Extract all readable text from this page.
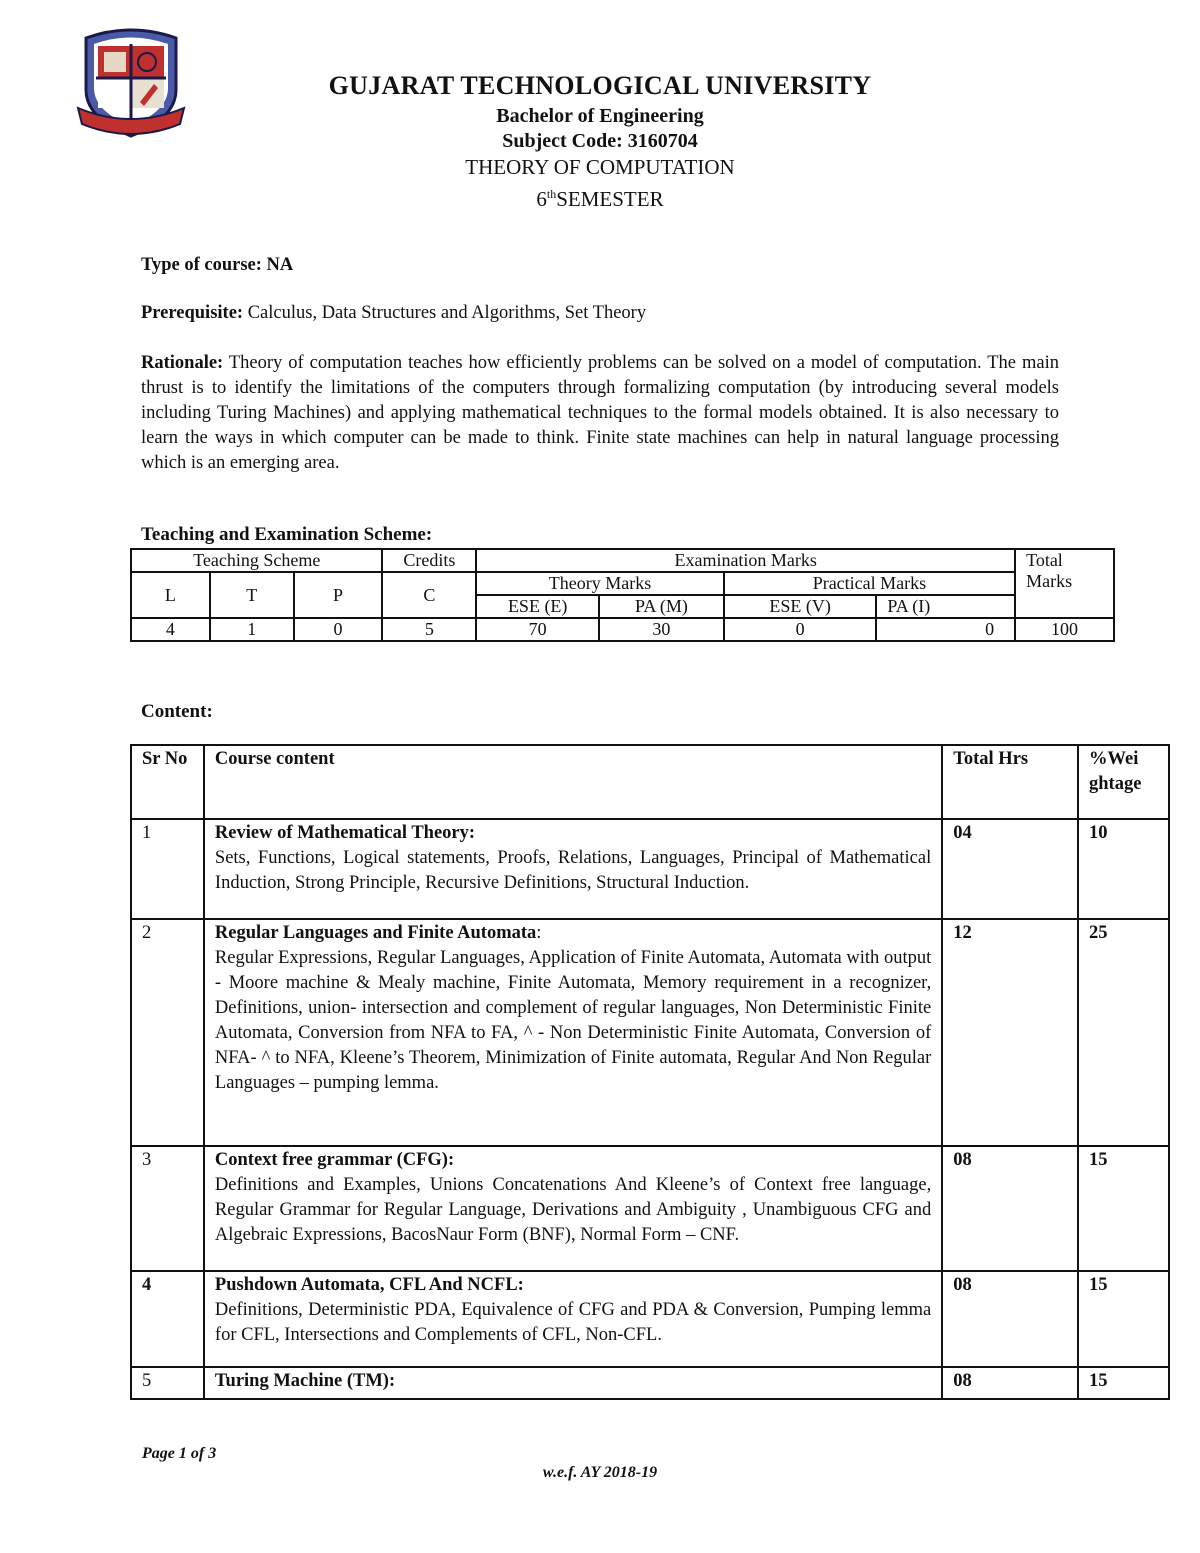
GUJARAT TECHNOLOGICAL UNIVERSITY
Bachelor of Engineering
Subject Code: 3160704
THEORY OF COMPUTATION
6thSEMESTER
Type of course: NA
Prerequisite: Calculus, Data Structures and Algorithms, Set Theory
Rationale: Theory of computation teaches how efficiently problems can be solved on a model of computation. The main thrust is to identify the limitations of the computers through formalizing computation (by introducing several models including Turing Machines) and applying mathematical techniques to the formal models obtained. It is also necessary to learn the ways in which computer can be made to think. Finite state machines can help in natural language processing which is an emerging area.
Teaching and Examination Scheme:
Teaching Scheme			Credits	Examination Marks				Total Marks
L	T	P	C	Theory Marks		Practical Marks		
				ESE (E)	PA (M)	ESE (V)	PA (I)	
4	1	0	5	70	30	0	0	100
Content:
Sr No	Course content	Total Hrs	%Wei ghtage
1	Review of Mathematical Theory:
Sets, Functions, Logical statements, Proofs, Relations, Languages, Principal of Mathematical Induction, Strong Principle, Recursive Definitions, Structural Induction.	04	10
2	Regular Languages and Finite Automata:
Regular Expressions, Regular Languages, Application of Finite Automata, Automata with output - Moore machine & Mealy machine, Finite Automata, Memory requirement in a recognizer, Definitions, union- intersection and complement of regular languages, Non Deterministic Finite Automata, Conversion from NFA to FA, ^ - Non Deterministic Finite Automata, Conversion of NFA- ^ to NFA, Kleene’s Theorem, Minimization of Finite automata, Regular And Non Regular Languages – pumping lemma.	12	25
3	Context free grammar (CFG):
Definitions and Examples, Unions Concatenations And Kleene’s of Context free language, Regular Grammar for Regular Language, Derivations and Ambiguity , Unambiguous CFG and Algebraic Expressions, BacosNaur Form (BNF), Normal Form – CNF.	08	15
4	Pushdown Automata, CFL And NCFL:
Definitions, Deterministic PDA, Equivalence of CFG and PDA & Conversion, Pumping lemma for CFL, Intersections and Complements of CFL, Non-CFL.	08	15
5	Turing Machine (TM):	08	15
Page 1 of 3
w.e.f. AY 2018-19
